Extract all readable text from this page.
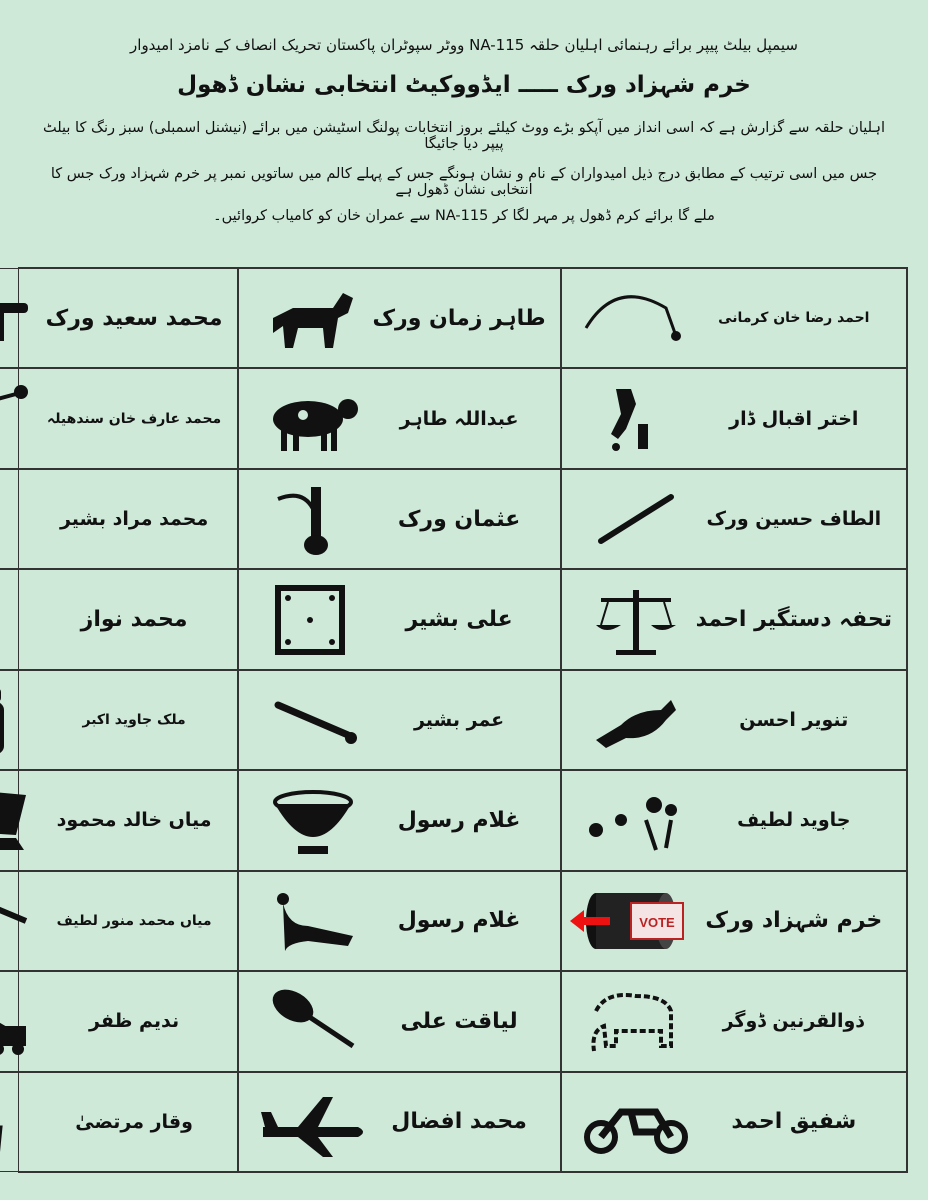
سیمپل بیلٹ پیپر برائے رہنمائی اہلیان حلقہ NA-115 ووٹر سپوٹران پاکستان تحریک انصاف کے نامزد امیدوار
خرم شہزاد ورک ـــــ ایڈووکیٹ انتخابی نشان ڈھول
اہلیان حلقہ سے گزارش ہے کہ اسی انداز میں آپکو بڑے ووٹ کیلئے بروز انتخابات پولنگ اسٹیشن میں برائے (نیشنل اسمبلی) سبز رنگ کا بیلٹ پیپر دیا جائیگا
جس میں اسی ترتیب کے مطابق درج ذیل امیدواران کے نام و نشان ہونگے جس کے پہلے کالم میں ساتویں نمبر پر خرم شہزاد ورک جس کا انتخابی نشان ڈھول ہے
ملے گا برائے کرم ڈھول پر مہر لگا کر NA-115 سے عمران خان کو کامیاب کروائیں۔
احمد رضا خان کرمانی
طاہر زمان ورک
محمد سعید ورک
اختر اقبال ڈار
عبداللہ طاہر
محمد عارف خان سندھیلہ
الطاف حسین ورک
عثمان ورک
محمد مراد بشیر
تحفہ دستگیر احمد
علی بشیر
محمد نواز
تنویر احسن
عمر بشیر
ملک جاوید اکبر
جاوید لطیف
غلام رسول
میاں خالد محمود
خرم شہزاد ورک
VOTE
غلام رسول
میاں محمد منور لطیف
ذوالقرنین ڈوگر
لیاقت علی
ندیم ظفر
شفیق احمد
محمد افضال
وقار مرتضیٰ
